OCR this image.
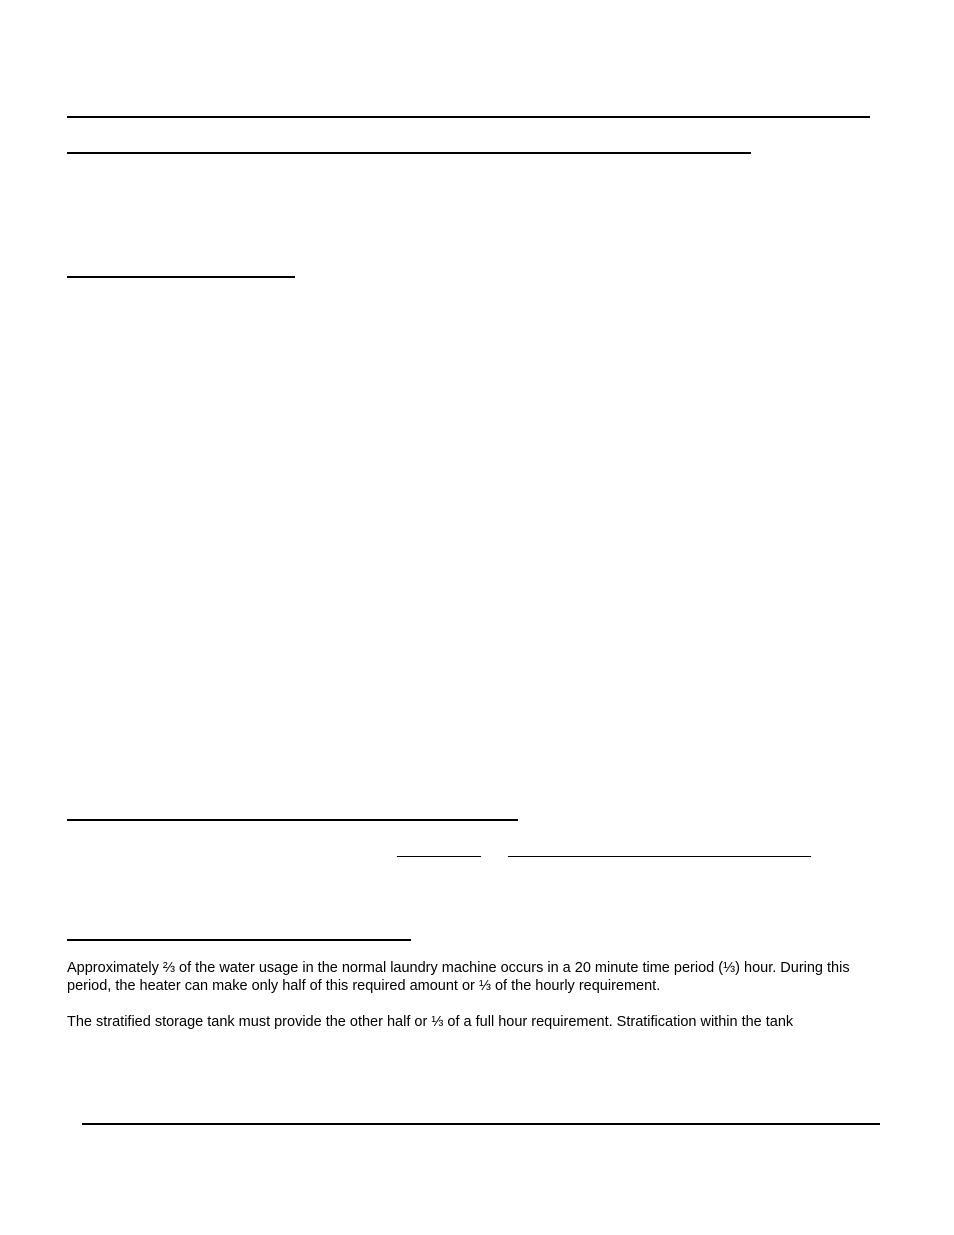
Approximately ⅔ of the water usage in the normal laundry machine occurs in a 20 minute time period (⅓) hour. During this period, the heater can make only half of this required amount or ⅓ of the hourly requirement.

The stratified storage tank must provide the other half or ⅓ of a full hour requirement. Stratification within the tank
